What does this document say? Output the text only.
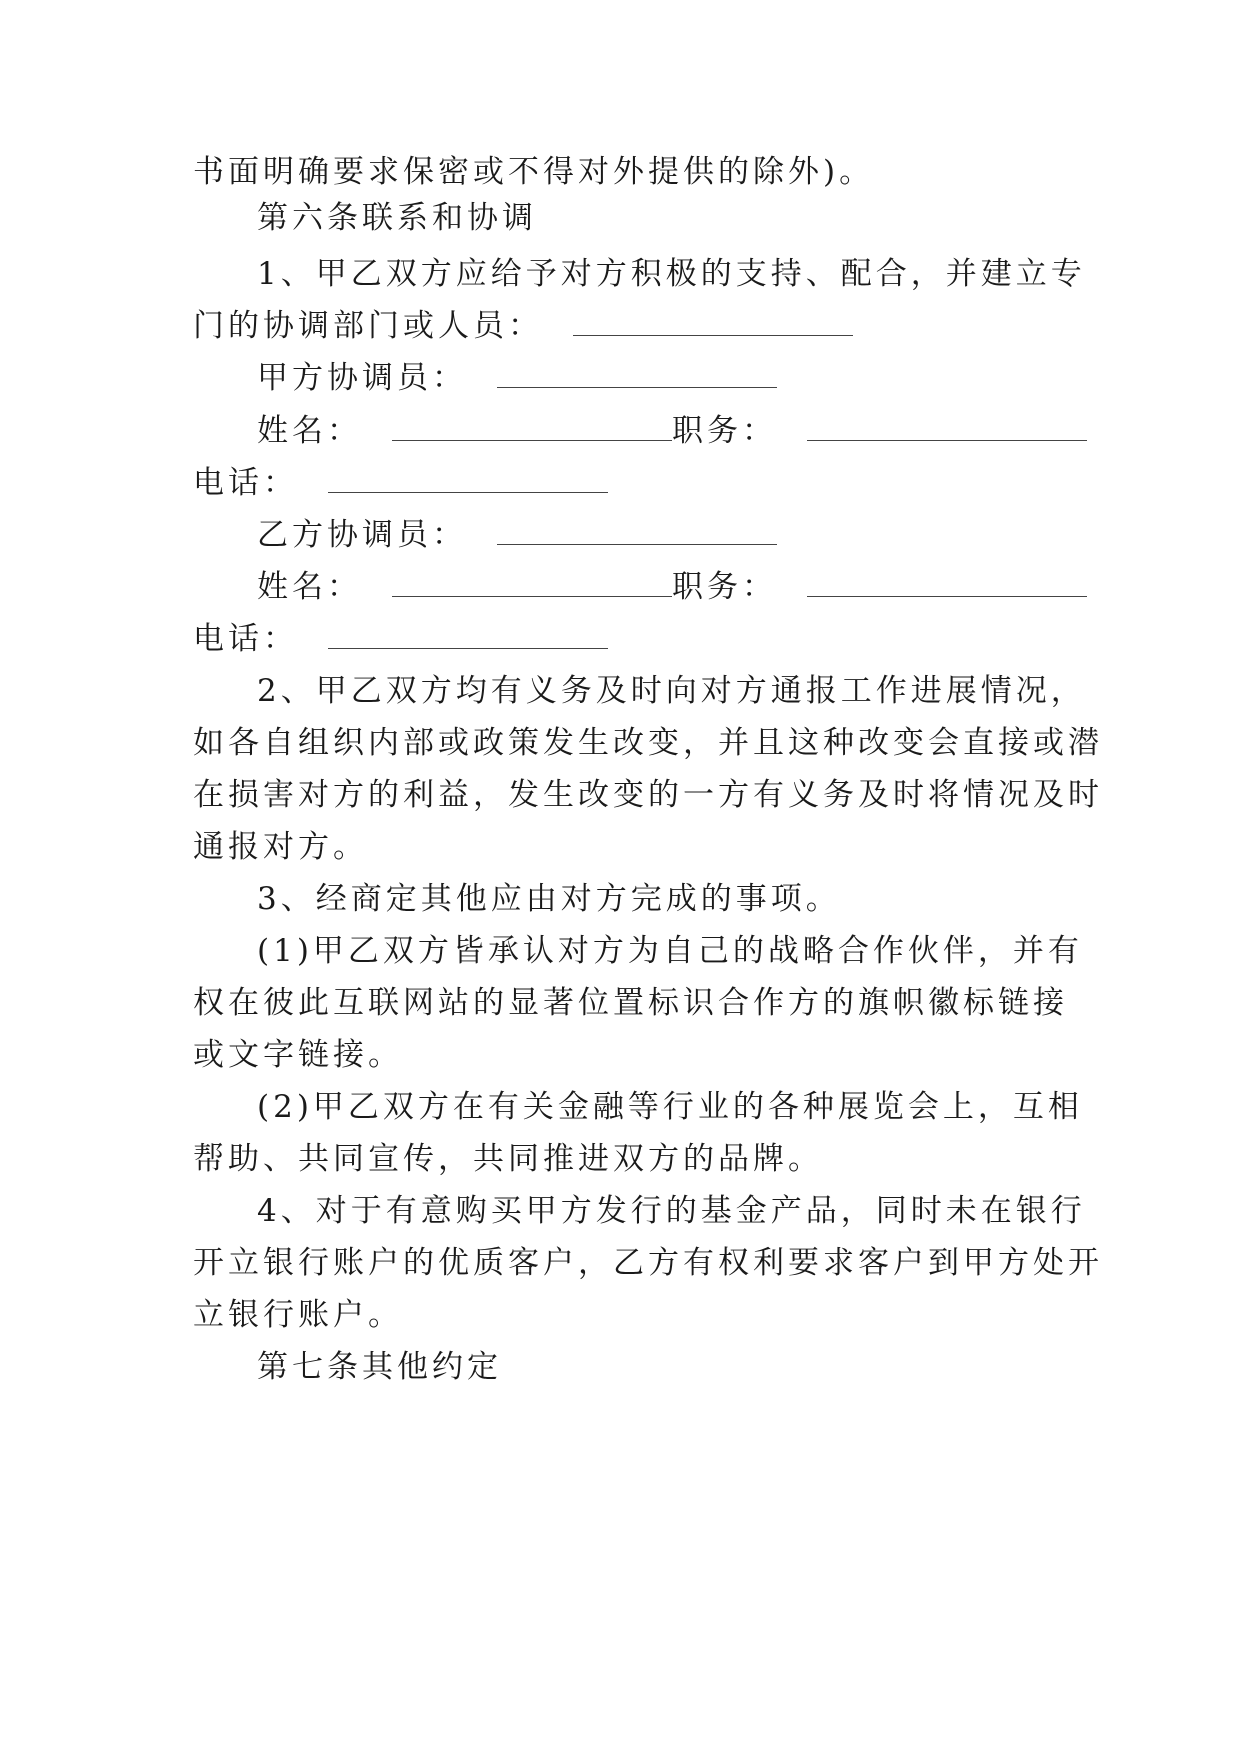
书面明确要求保密或不得对外提供的除外)。

第六条联系和协调

1、甲乙双方应给予对方积极的支持、配合，并建立专

门的协调部门或人员：

甲方协调员：

姓名：	职务：

电话：

乙方协调员：

姓名：	职务：

电话：

2、甲乙双方均有义务及时向对方通报工作进展情况，

如各自组织内部或政策发生改变，并且这种改变会直接或潜

在损害对方的利益，发生改变的一方有义务及时将情况及时

通报对方。

3、经商定其他应由对方完成的事项。

(1)甲乙双方皆承认对方为自己的战略合作伙伴，并有

权在彼此互联网站的显著位置标识合作方的旗帜徽标链接

或文字链接。

(2)甲乙双方在有关金融等行业的各种展览会上，互相

帮助、共同宣传，共同推进双方的品牌。

4、对于有意购买甲方发行的基金产品，同时未在银行

开立银行账户的优质客户，乙方有权利要求客户到甲方处开

立银行账户。

第七条其他约定
